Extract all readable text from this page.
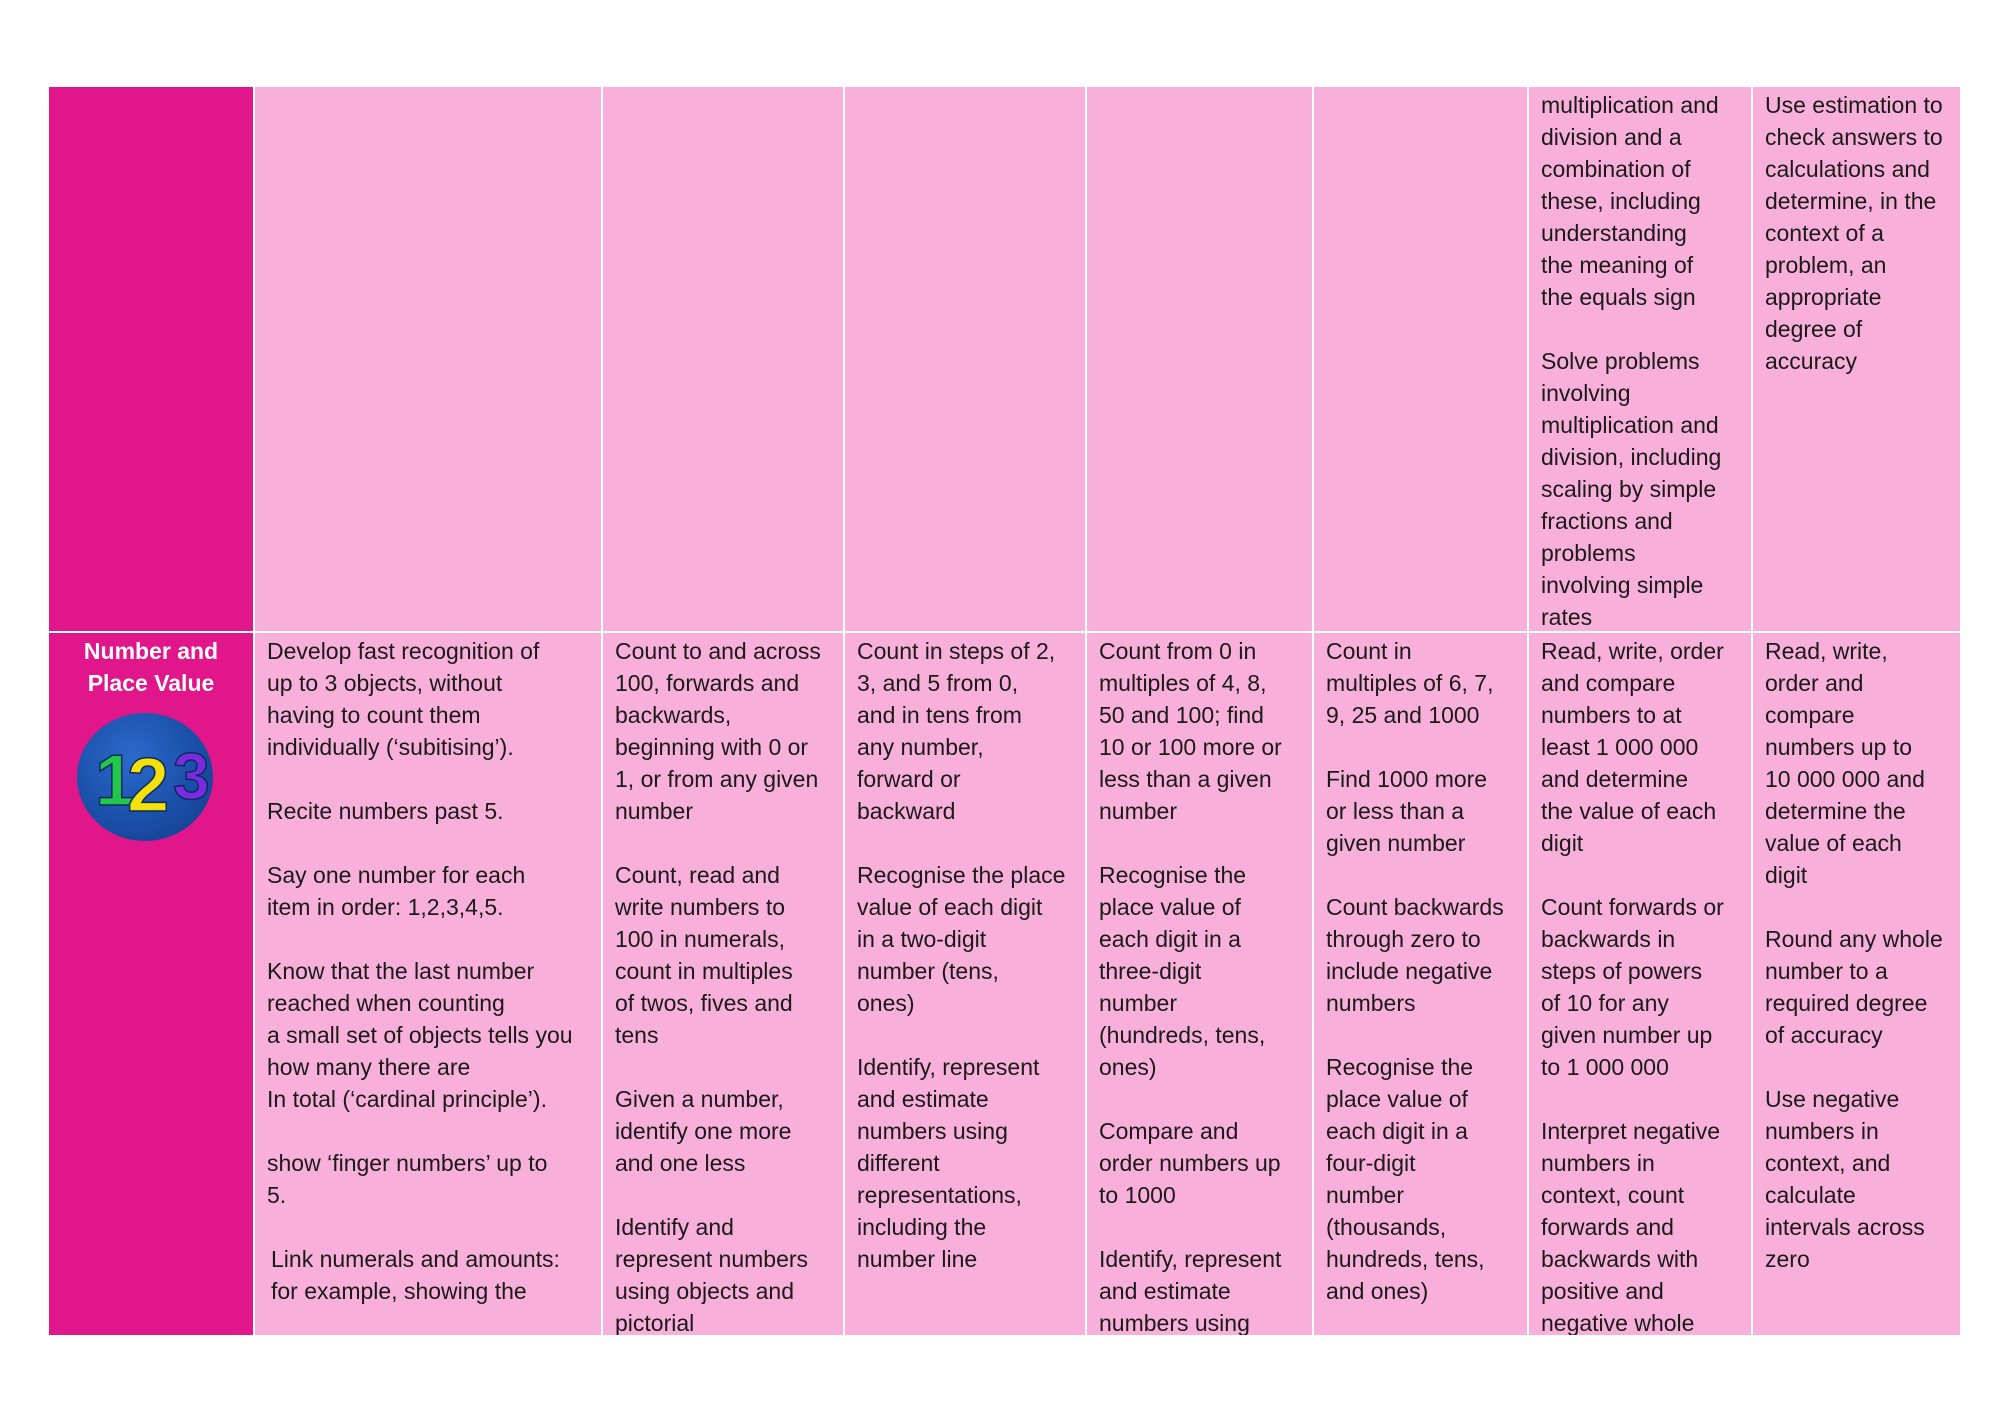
multiplication and
division and a
combination of
these, including
understanding
the meaning of
the equals sign

Solve problems
involving
multiplication and
division, including
scaling by simple
fractions and
problems
involving simple
rates

Use estimation to
check answers to
calculations and
determine, in the
context of a
problem, an
appropriate
degree of
accuracy

Number and
Place Value
1
2 3

Develop fast recognition of
up to 3 objects, without
having to count them
individually (‘subitising’).

Recite numbers past 5.

Say one number for each
item in order: 1,2,3,4,5.

Know that the last number
reached when counting
a small set of objects tells you
how many there are
In total (‘cardinal principle’).

show ‘finger numbers’ up to
5.

Link numerals and amounts:
for example, showing the

Count to and across
100, forwards and
backwards,
beginning with 0 or
1, or from any given
number

Count, read and
write numbers to
100 in numerals,
count in multiples
of twos, fives and
tens

Given a number,
identify one more
and one less

Identify and
represent numbers
using objects and
pictorial

Count in steps of 2,
3, and 5 from 0,
and in tens from
any number,
forward or
backward

Recognise the place
value of each digit
in a two-digit
number (tens,
ones)

Identify, represent
and estimate
numbers using
different
representations,
including the
number line

Count from 0 in
multiples of 4, 8,
50 and 100; find
10 or 100 more or
less than a given
number

Recognise the
place value of
each digit in a
three-digit
number
(hundreds, tens,
ones)

Compare and
order numbers up
to 1000

Identify, represent
and estimate
numbers using

Count in
multiples of 6, 7,
9, 25 and 1000

Find 1000 more
or less than a
given number

Count backwards
through zero to
include negative
numbers

Recognise the
place value of
each digit in a
four-digit
number
(thousands,
hundreds, tens,
and ones)

Read, write, order
and compare
numbers to at
least 1 000 000
and determine
the value of each
digit

Count forwards or
backwards in
steps of powers
of 10 for any
given number up
to 1 000 000

Interpret negative
numbers in
context, count
forwards and
backwards with
positive and
negative whole

Read, write,
order and
compare
numbers up to
10 000 000 and
determine the
value of each
digit

Round any whole
number to a
required degree
of accuracy

Use negative
numbers in
context, and
calculate
intervals across
zero
